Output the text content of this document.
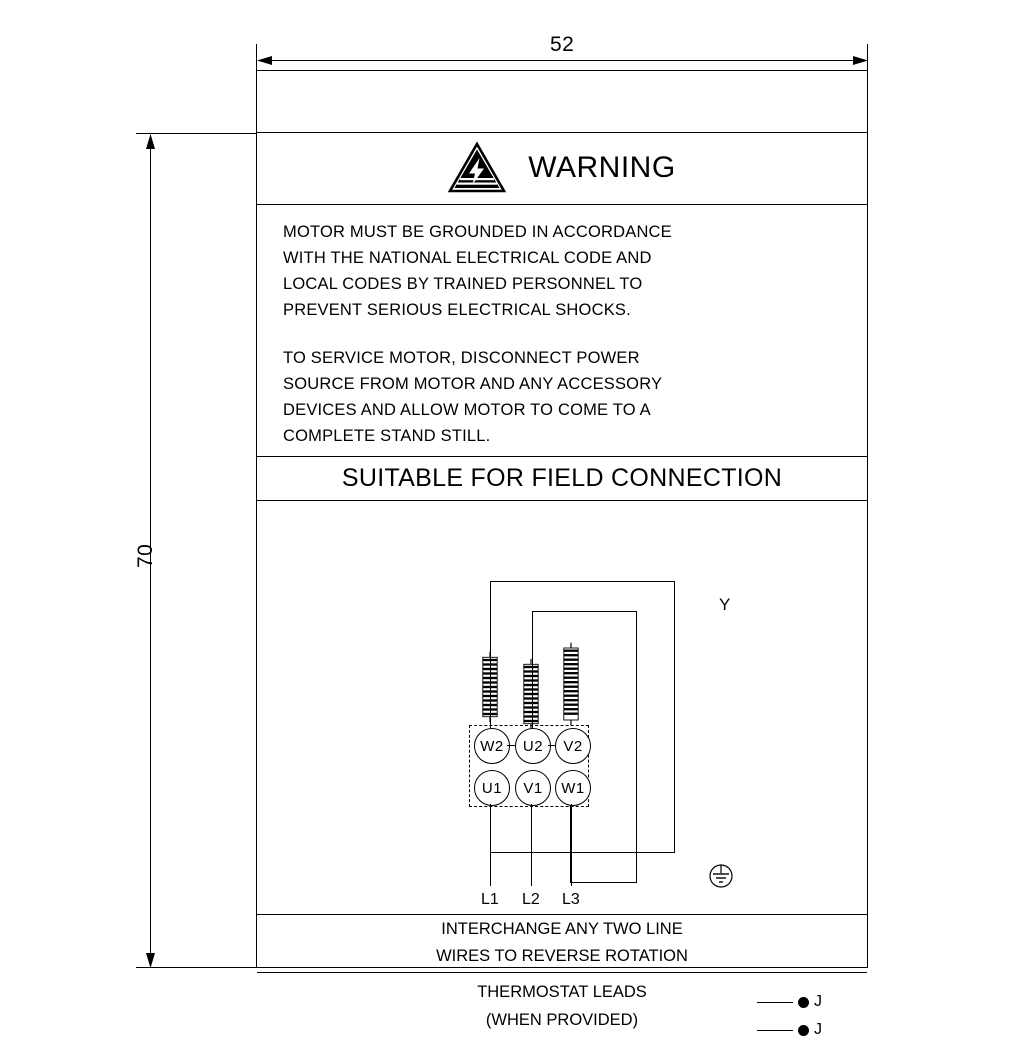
52
70
WARNING

MOTOR MUST BE GROUNDED IN ACCORDANCE
WITH THE NATIONAL ELECTRICAL CODE AND
LOCAL CODES BY TRAINED PERSONNEL TO
PREVENT SERIOUS ELECTRICAL SHOCKS.

TO SERVICE MOTOR, DISCONNECT POWER
SOURCE FROM MOTOR AND ANY ACCESSORY
DEVICES AND ALLOW MOTOR TO COME TO A
COMPLETE STAND STILL.

SUITABLE FOR FIELD CONNECTION
Y
W2	U2	V2
U1	V1	W1
L1 L2 L3
INTERCHANGE ANY TWO LINE
WIRES TO REVERSE ROTATION
THERMOSTAT LEADS
(WHEN PROVIDED)
J
J
